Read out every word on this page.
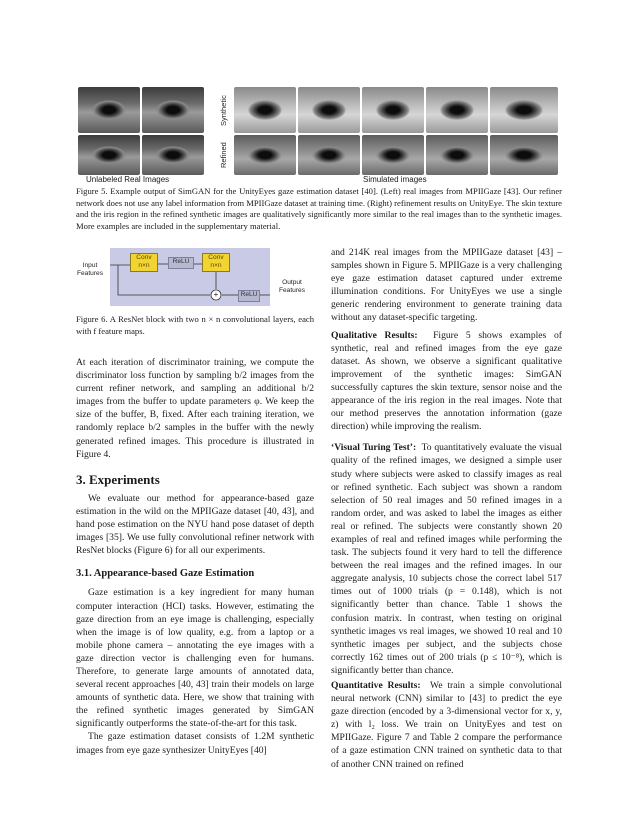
Synthetic
Refined
Unlabeled Real Images	Simulated images
Figure 5. Example output of SimGAN for the UnityEyes gaze estimation dataset [40]. (Left) real images from MPIIGaze [43]. Our refiner network does not use any label information from MPIIGaze dataset at training time. (Right) refinement results on UnityEye. The skin texture and the iris region in the refined synthetic images are qualitatively significantly more similar to the real images than to the synthetic images. More examples are included in the supplementary material.
Input Features
Conv n×n	ReLU
Conv n×n
+	ReLU
Output Features
Figure 6. A ResNet block with two n × n convolutional layers, each with f feature maps.

At each iteration of discriminator training, we compute the discriminator loss function by sampling b/2 images from the current refiner network, and sampling an additional b/2 images from the buffer to update parameters φ. We keep the size of the buffer, B, fixed. After each training iteration, we randomly replace b/2 samples in the buffer with the newly generated refined images. This procedure is illustrated in Figure 4.

3. Experiments

We evaluate our method for appearance-based gaze estimation in the wild on the MPIIGaze dataset [40, 43], and hand pose estimation on the NYU hand pose dataset of depth images [35]. We use fully convolutional refiner network with ResNet blocks (Figure 6) for all our experiments.

3.1. Appearance-based Gaze Estimation

Gaze estimation is a key ingredient for many human computer interaction (HCI) tasks. However, estimating the gaze direction from an eye image is challenging, especially when the image is of low quality, e.g. from a laptop or a mobile phone camera – annotating the eye images with a gaze direction vector is challenging even for humans. Therefore, to generate large amounts of annotated data, several recent approaches [40, 43] train their models on large amounts of synthetic data. Here, we show that training with the refined synthetic images generated by SimGAN significantly outperforms the state-of-the-art for this task.

The gaze estimation dataset consists of 1.2M synthetic images from eye gaze synthesizer UnityEyes [40]

and 214K real images from the MPIIGaze dataset [43] – samples shown in Figure 5. MPIIGaze is a very challenging eye gaze estimation dataset captured under extreme illumination conditions. For UnityEyes we use a single generic rendering environment to generate training data without any dataset-specific targeting.

Qualitative Results: Figure 5 shows examples of synthetic, real and refined images from the eye gaze dataset. As shown, we observe a significant qualitative improvement of the synthetic images: SimGAN successfully captures the skin texture, sensor noise and the appearance of the iris region in the real images. Note that our method preserves the annotation information (gaze direction) while improving the realism.

‘Visual Turing Test’: To quantitatively evaluate the visual quality of the refined images, we designed a simple user study where subjects were asked to classify images as real or refined synthetic. Each subject was shown a random selection of 50 real images and 50 refined images in a random order, and was asked to label the images as either real or refined. The subjects were constantly shown 20 examples of real and refined images while performing the task. The subjects found it very hard to tell the difference between the real images and the refined images. In our aggregate analysis, 10 subjects chose the correct label 517 times out of 1000 trials (p = 0.148), which is not significantly better than chance. Table 1 shows the confusion matrix. In contrast, when testing on original synthetic images vs real images, we showed 10 real and 10 synthetic images per subject, and the subjects chose correctly 162 times out of 200 trials (p ≤ 10⁻⁸), which is significantly better than chance.

Quantitative Results: We train a simple convolutional neural network (CNN) similar to [43] to predict the eye gaze direction (encoded by a 3-dimensional vector for x, y, z) with l₂ loss. We train on UnityEyes and test on MPIIGaze. Figure 7 and Table 2 compare the performance of a gaze estimation CNN trained on synthetic data to that of another CNN trained on refined
